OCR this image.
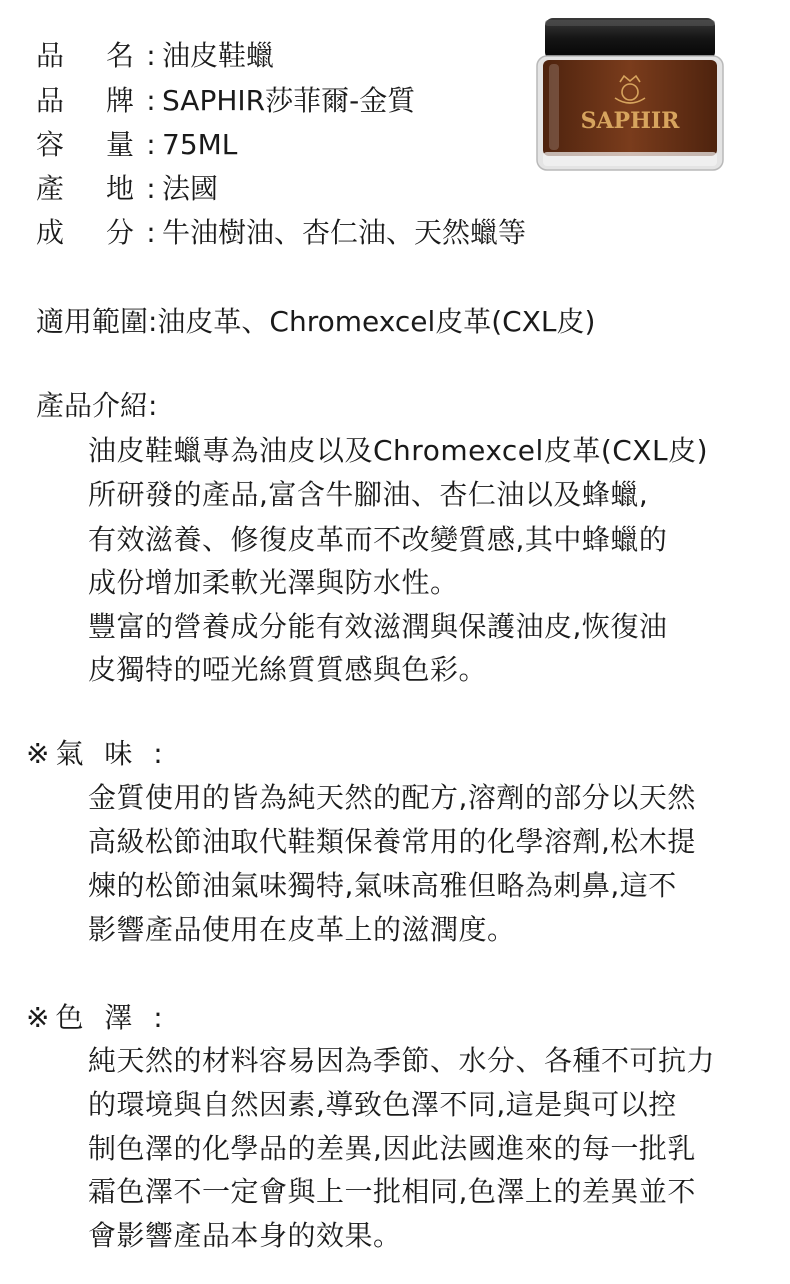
品 名 : 油皮鞋蠟
品 牌 : SAPHIR莎菲爾-金質
容 量 : 75ML
產 地 : 法國
成 分 : 牛油樹油、杏仁油、天然蠟等
SAPHIR
適用範圍:油皮革、Chromexcel皮革(CXL皮)
產品介紹:
油皮鞋蠟專為油皮以及Chromexcel皮革(CXL皮)
所研發的產品,富含牛腳油、杏仁油以及蜂蠟,
有效滋養、修復皮革而不改變質感,其中蜂蠟的
成份增加柔軟光澤與防水性。
豐富的營養成分能有效滋潤與保護油皮,恢復油
皮獨特的啞光絲質質感與色彩。
※氣 味 :
金質使用的皆為純天然的配方,溶劑的部分以天然
高級松節油取代鞋類保養常用的化學溶劑,松木提
煉的松節油氣味獨特,氣味高雅但略為刺鼻,這不
影響產品使用在皮革上的滋潤度。
※色 澤 :
純天然的材料容易因為季節、水分、各種不可抗力
的環境與自然因素,導致色澤不同,這是與可以控
制色澤的化學品的差異,因此法國進來的每一批乳
霜色澤不一定會與上一批相同,色澤上的差異並不
會影響產品本身的效果。
